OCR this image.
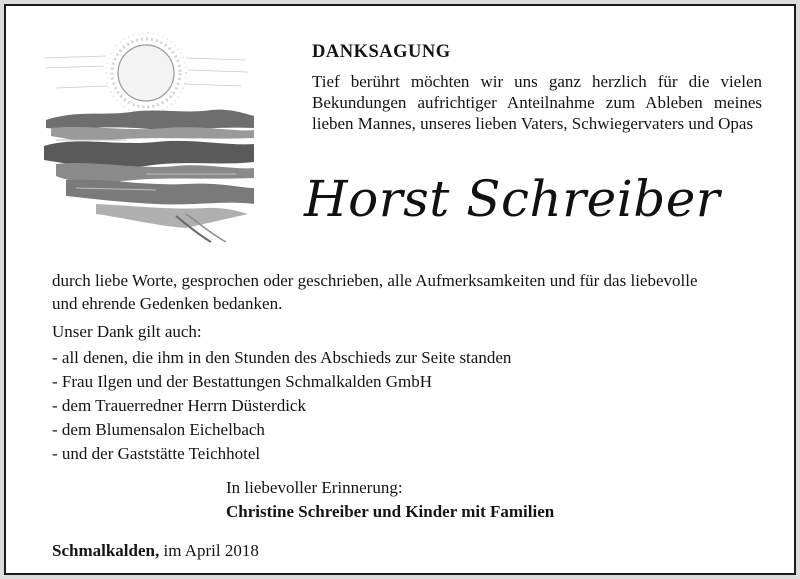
DANKSAGUNG

Tief berührt möchten wir uns ganz herzlich für die vielen Bekundungen aufrichtiger Anteilnahme zum Ableben meines lieben Mannes, unseres lieben Vaters, Schwiegervaters und Opas

Horst Schreiber
durch liebe Worte, gesprochen oder geschrieben, alle Aufmerksamkeiten und für das liebevolle und ehrende Gedenken bedanken.
Unser Dank gilt auch:
- all denen, die ihm in den Stunden des Abschieds zur Seite standen
- Frau Ilgen und der Bestattungen Schmalkalden GmbH
- dem Trauerredner Herrn Düsterdick
- dem Blumensalon Eichelbach
- und der Gaststätte Teichhotel
In liebevoller Erinnerung:
Christine Schreiber und Kinder mit Familien
Schmalkalden, im April 2018
